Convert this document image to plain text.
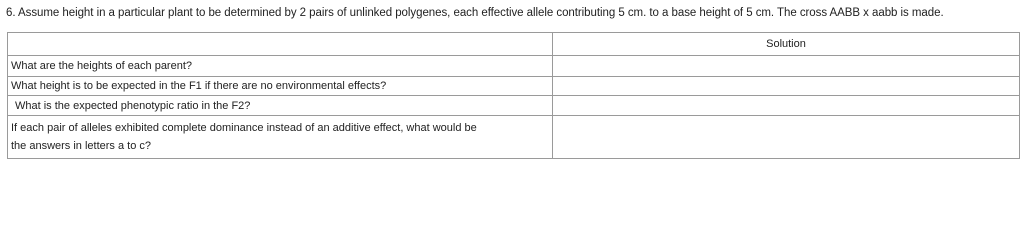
6. Assume height in a particular plant to be determined by 2 pairs of unlinked polygenes, each effective allele contributing 5 cm. to a base height of 5 cm. The cross AABB x aabb is made.
	Solution
What are the heights of each parent?	
What height is to be expected in the F1 if there are no environmental effects?	
What is the expected phenotypic ratio in the F2?	

If each pair of alleles exhibited complete dominance instead of an additive effect, what would be
the answers in letters a to c?	
